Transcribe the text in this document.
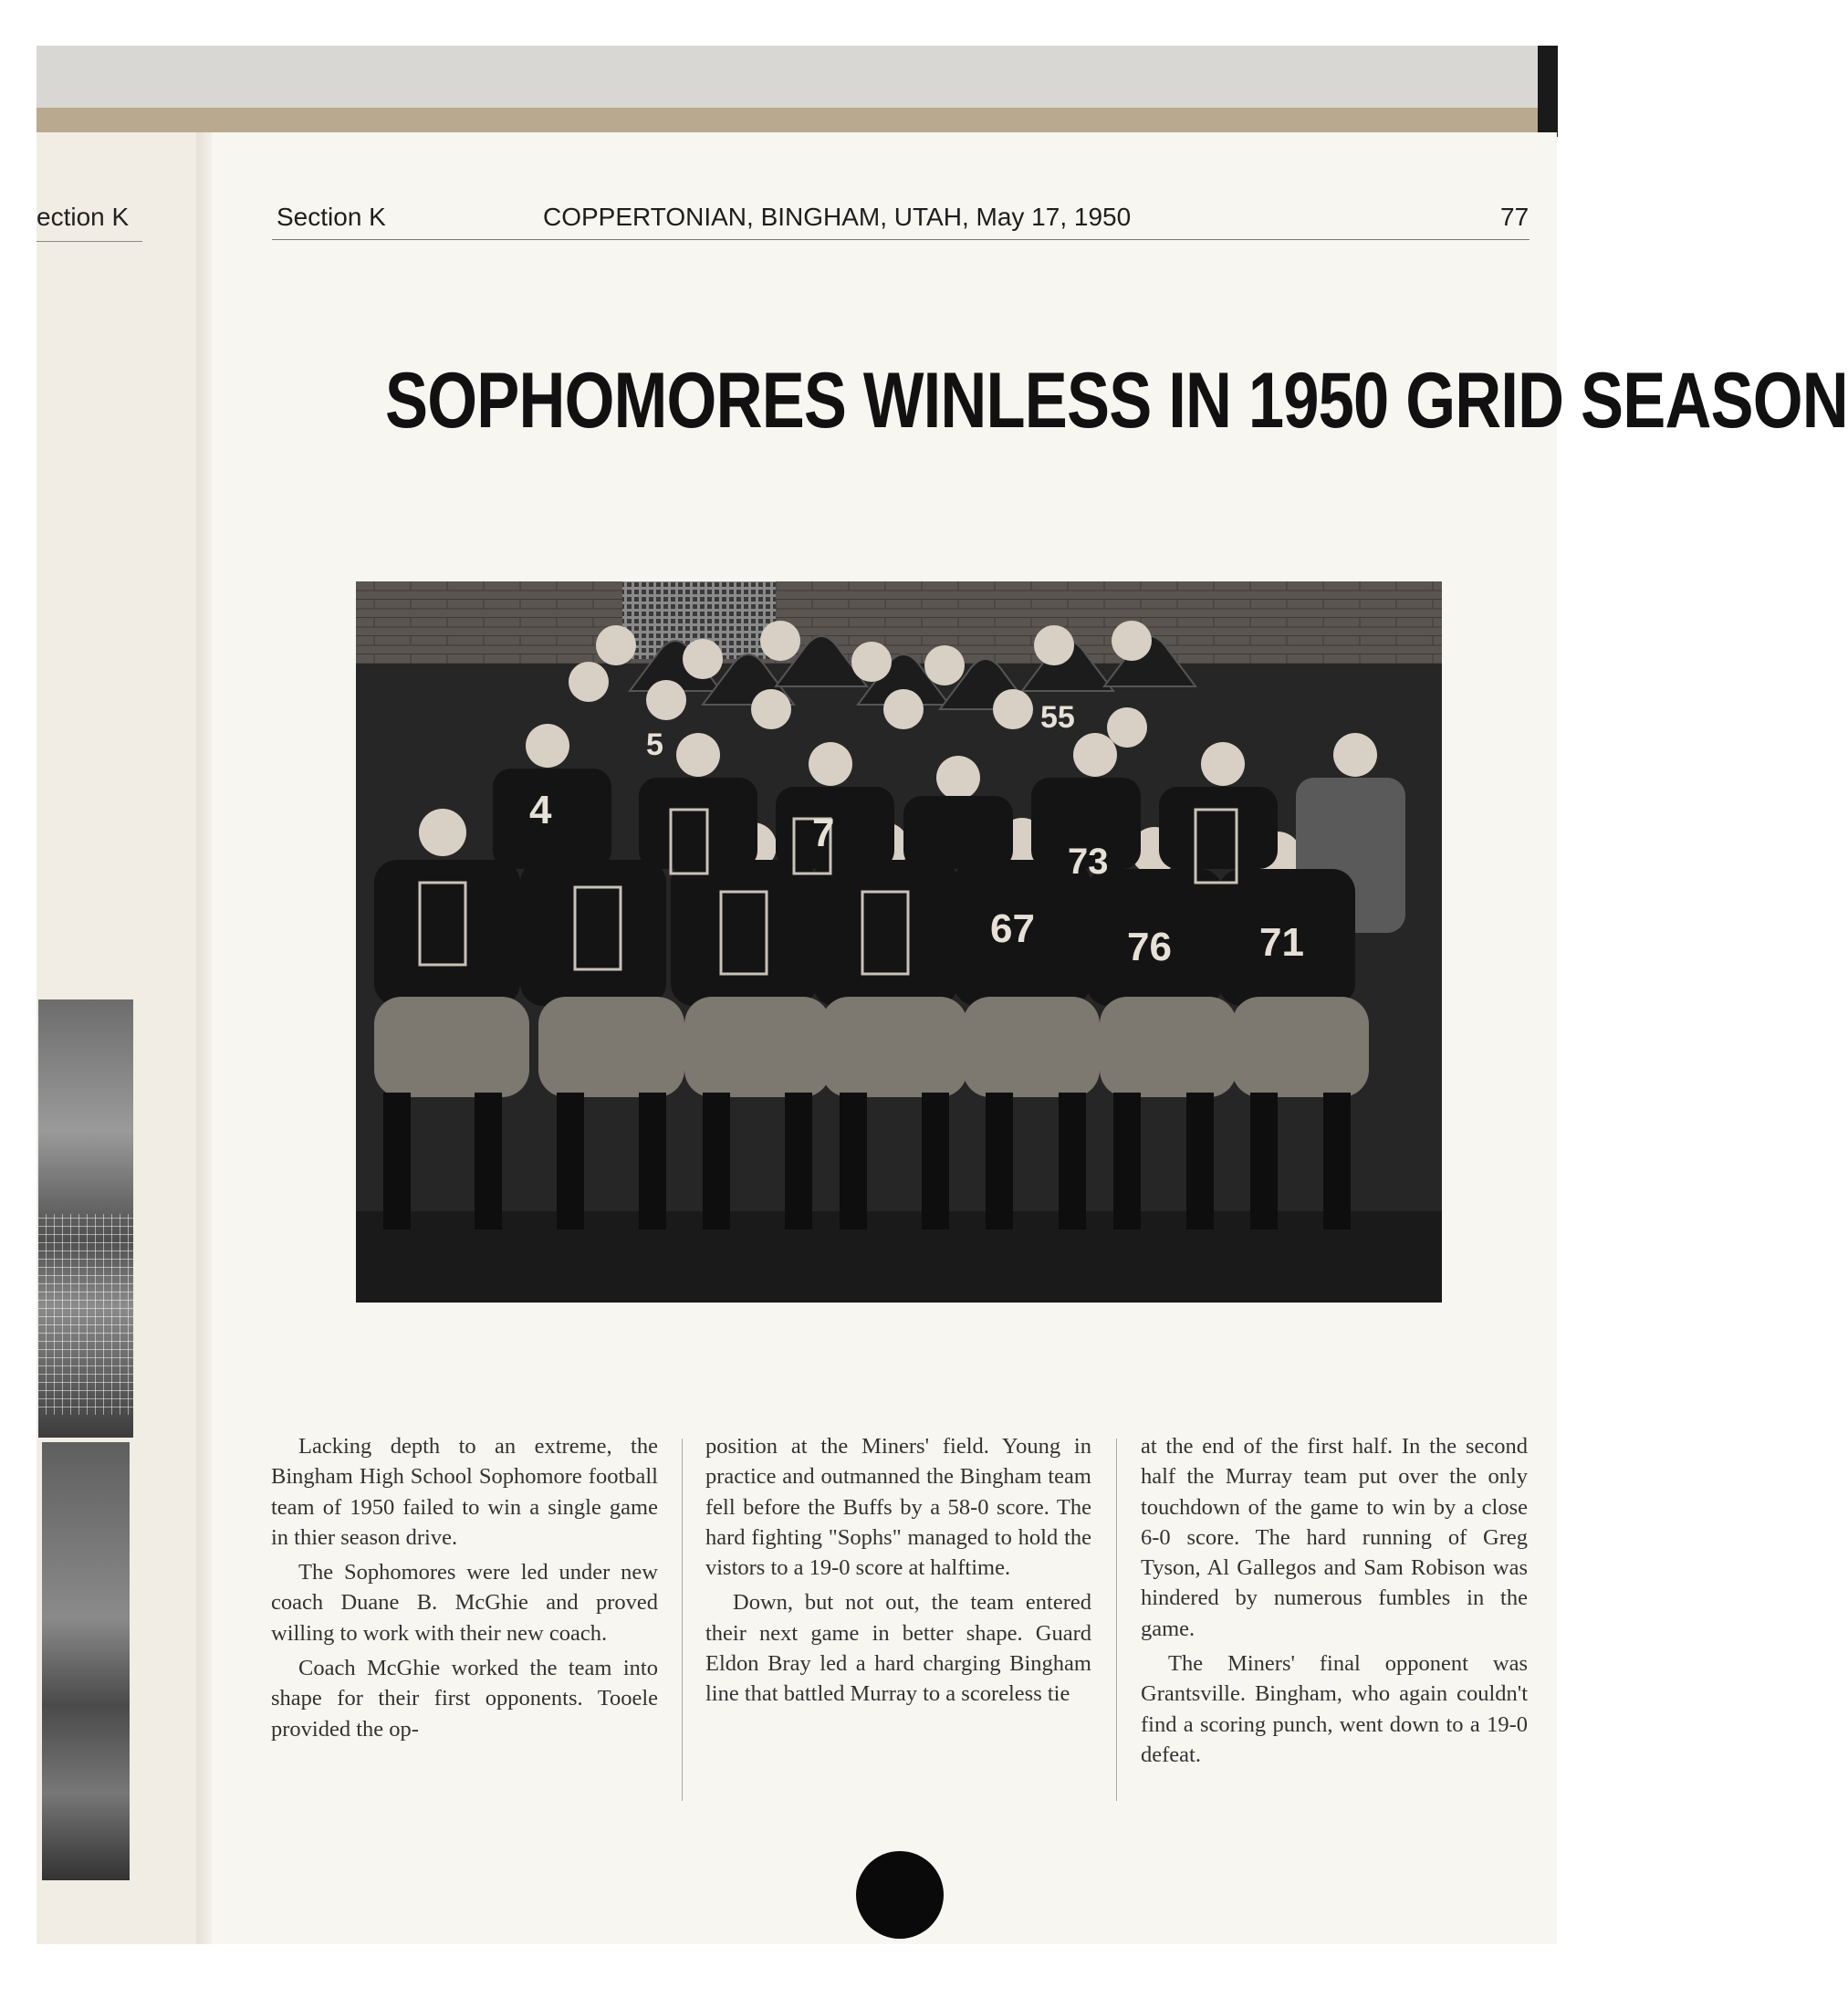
ection K	Section K	COPPERTONIAN, BINGHAM, UTAH, May 17, 1950	77
SOPHOMORES WINLESS IN 1950 GRID SEASON
4
5
7
55
73
67 76 71

Lacking depth to an extreme, the Bingham High School Sophomore football team of 1950 failed to win a single game in thier season drive.

The Sophomores were led under new coach Duane B. McGhie and proved willing to work with their new coach.

Coach McGhie worked the team into shape for their first opponents. Tooele provided the op-

position at the Miners' field. Young in practice and outmanned the Bingham team fell before the Buffs by a 58-0 score. The hard fighting "Sophs" managed to hold the vistors to a 19-0 score at halftime.

Down, but not out, the team entered their next game in better shape. Guard Eldon Bray led a hard charging Bingham line that battled Murray to a scoreless tie

at the end of the first half. In the second half the Murray team put over the only touchdown of the game to win by a close 6-0 score. The hard running of Greg Tyson, Al Gallegos and Sam Robison was hindered by numerous fumbles in the game.

The Miners' final opponent was Grantsville. Bingham, who again couldn't find a scoring punch, went down to a 19-0 defeat.
